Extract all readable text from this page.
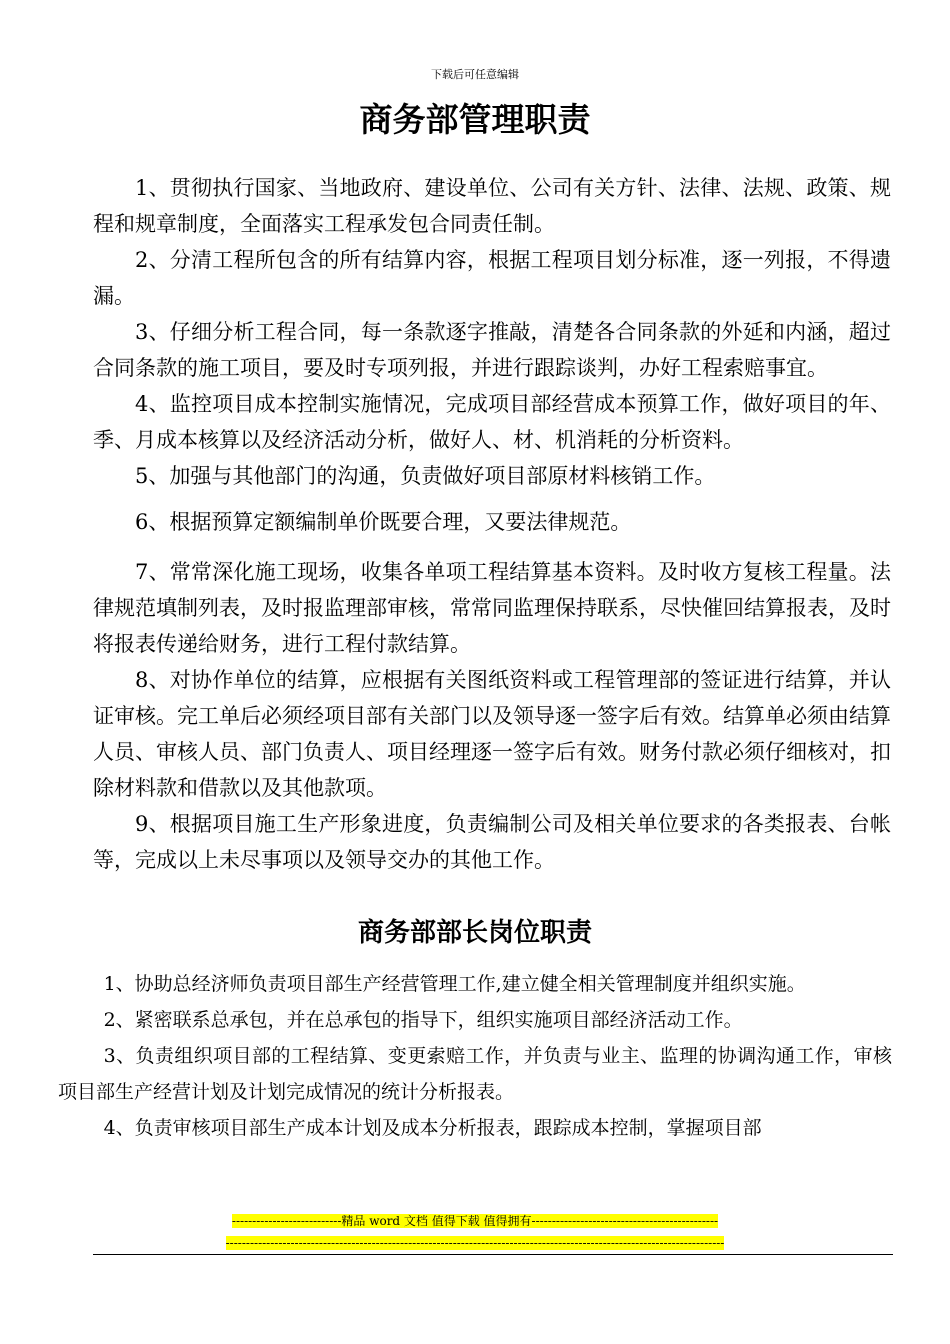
下载后可任意编辑
商务部管理职责

1、贯彻执行国家、当地政府、建设单位、公司有关方针、法律、法规、政策、规程和规章制度，全面落实工程承发包合同责任制。

2、分清工程所包含的所有结算内容，根据工程项目划分标准，逐一列报，不得遗漏。

3、仔细分析工程合同，每一条款逐字推敲，清楚各合同条款的外延和内涵，超过合同条款的施工项目，要及时专项列报，并进行跟踪谈判，办好工程索赔事宜。

4、监控项目成本控制实施情况，完成项目部经营成本预算工作，做好项目的年、季、月成本核算以及经济活动分析，做好人、材、机消耗的分析资料。

5、加强与其他部门的沟通，负责做好项目部原材料核销工作。

6、根据预算定额编制单价既要合理，又要法律规范。

7、常常深化施工现场，收集各单项工程结算基本资料。及时收方复核工程量。法律规范填制列表，及时报监理部审核，常常同监理保持联系，尽快催回结算报表，及时将报表传递给财务，进行工程付款结算。

8、对协作单位的结算，应根据有关图纸资料或工程管理部的签证进行结算，并认证审核。完工单后必须经项目部有关部门以及领导逐一签字后有效。结算单必须由结算人员、审核人员、部门负责人、项目经理逐一签字后有效。财务付款必须仔细核对，扣除材料款和借款以及其他款项。

9、根据项目施工生产形象进度，负责编制公司及相关单位要求的各类报表、台帐等，完成以上未尽事项以及领导交办的其他工作。

商务部部长岗位职责

1、协助总经济师负责项目部生产经营管理工作,建立健全相关管理制度并组织实施。

2、紧密联系总承包，并在总承包的指导下，组织实施项目部经济活动工作。

3、负责组织项目部的工程结算、变更索赔工作，并负责与业主、监理的协调沟通工作，审核项目部生产经营计划及计划完成情况的统计分析报表。

4、负责审核项目部生产成本计划及成本分析报表，跟踪成本控制，掌握项目部

---------------------------精品 word 文档 值得下载 值得拥有----------------------------------------------
---------------------------------------------------------------------------------------------------------------------------
